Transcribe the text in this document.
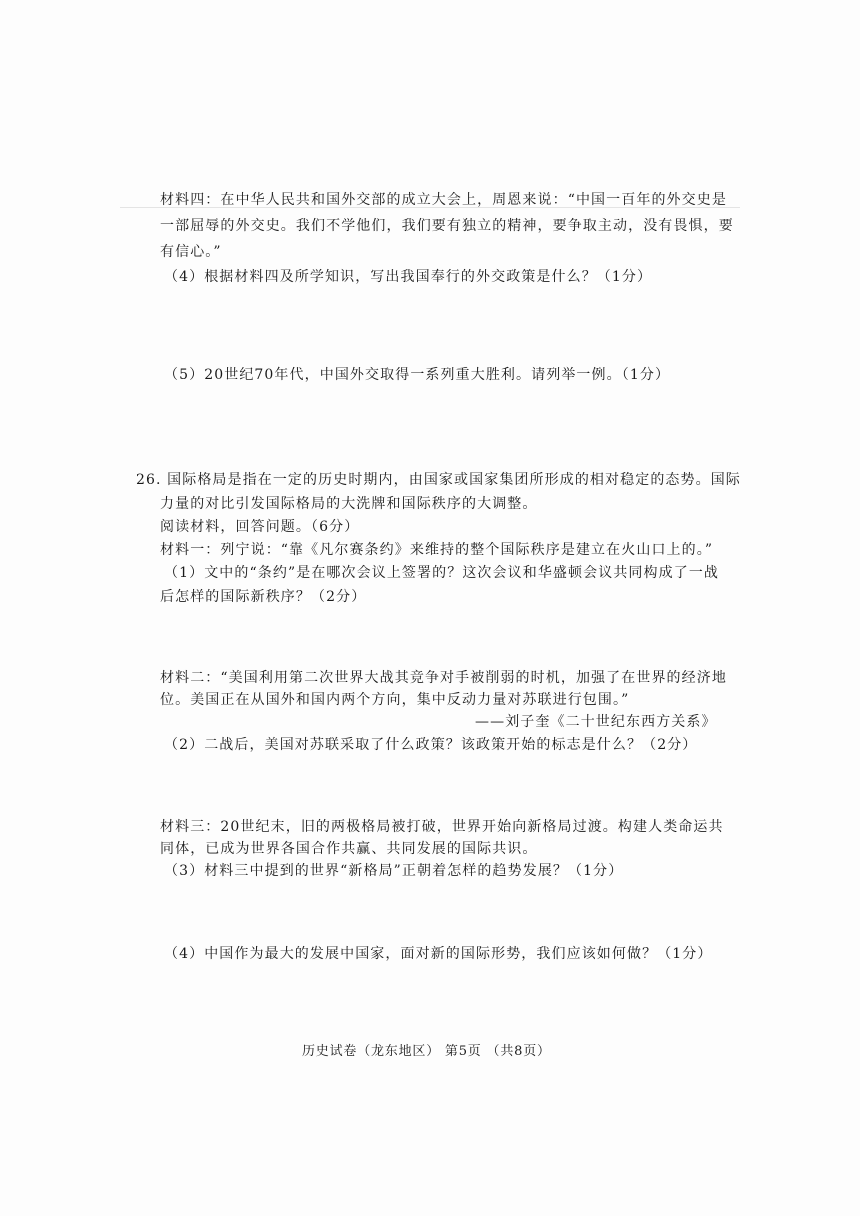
材料四：在中华人民共和国外交部的成立大会上，周恩来说：“中国一百年的外交史是
一部屈辱的外交史。我们不学他们，我们要有独立的精神，要争取主动，没有畏惧，要
有信心。”
（4）根据材料四及所学知识，写出我国奉行的外交政策是什么？（1分）
（5）20世纪70年代，中国外交取得一系列重大胜利。请列举一例。（1分）
26. 国际格局是指在一定的历史时期内，由国家或国家集团所形成的相对稳定的态势。国际
力量的对比引发国际格局的大洗牌和国际秩序的大调整。
阅读材料，回答问题。（6分）
材料一：列宁说：“靠《凡尔赛条约》来维持的整个国际秩序是建立在火山口上的。”
（1）文中的“条约”是在哪次会议上签署的？这次会议和华盛顿会议共同构成了一战
后怎样的国际新秩序？（2分）
材料二：“美国利用第二次世界大战其竞争对手被削弱的时机，加强了在世界的经济地
位。美国正在从国外和国内两个方向，集中反动力量对苏联进行包围。”
——刘子奎《二十世纪东西方关系》
（2）二战后，美国对苏联采取了什么政策？该政策开始的标志是什么？（2分）
材料三：20世纪末，旧的两极格局被打破，世界开始向新格局过渡。构建人类命运共
同体，已成为世界各国合作共赢、共同发展的国际共识。
（3）材料三中提到的世界“新格局”正朝着怎样的趋势发展？（1分）
（4）中国作为最大的发展中国家，面对新的国际形势，我们应该如何做？（1分）
历史试卷（龙东地区） 第5页 （共8页）
